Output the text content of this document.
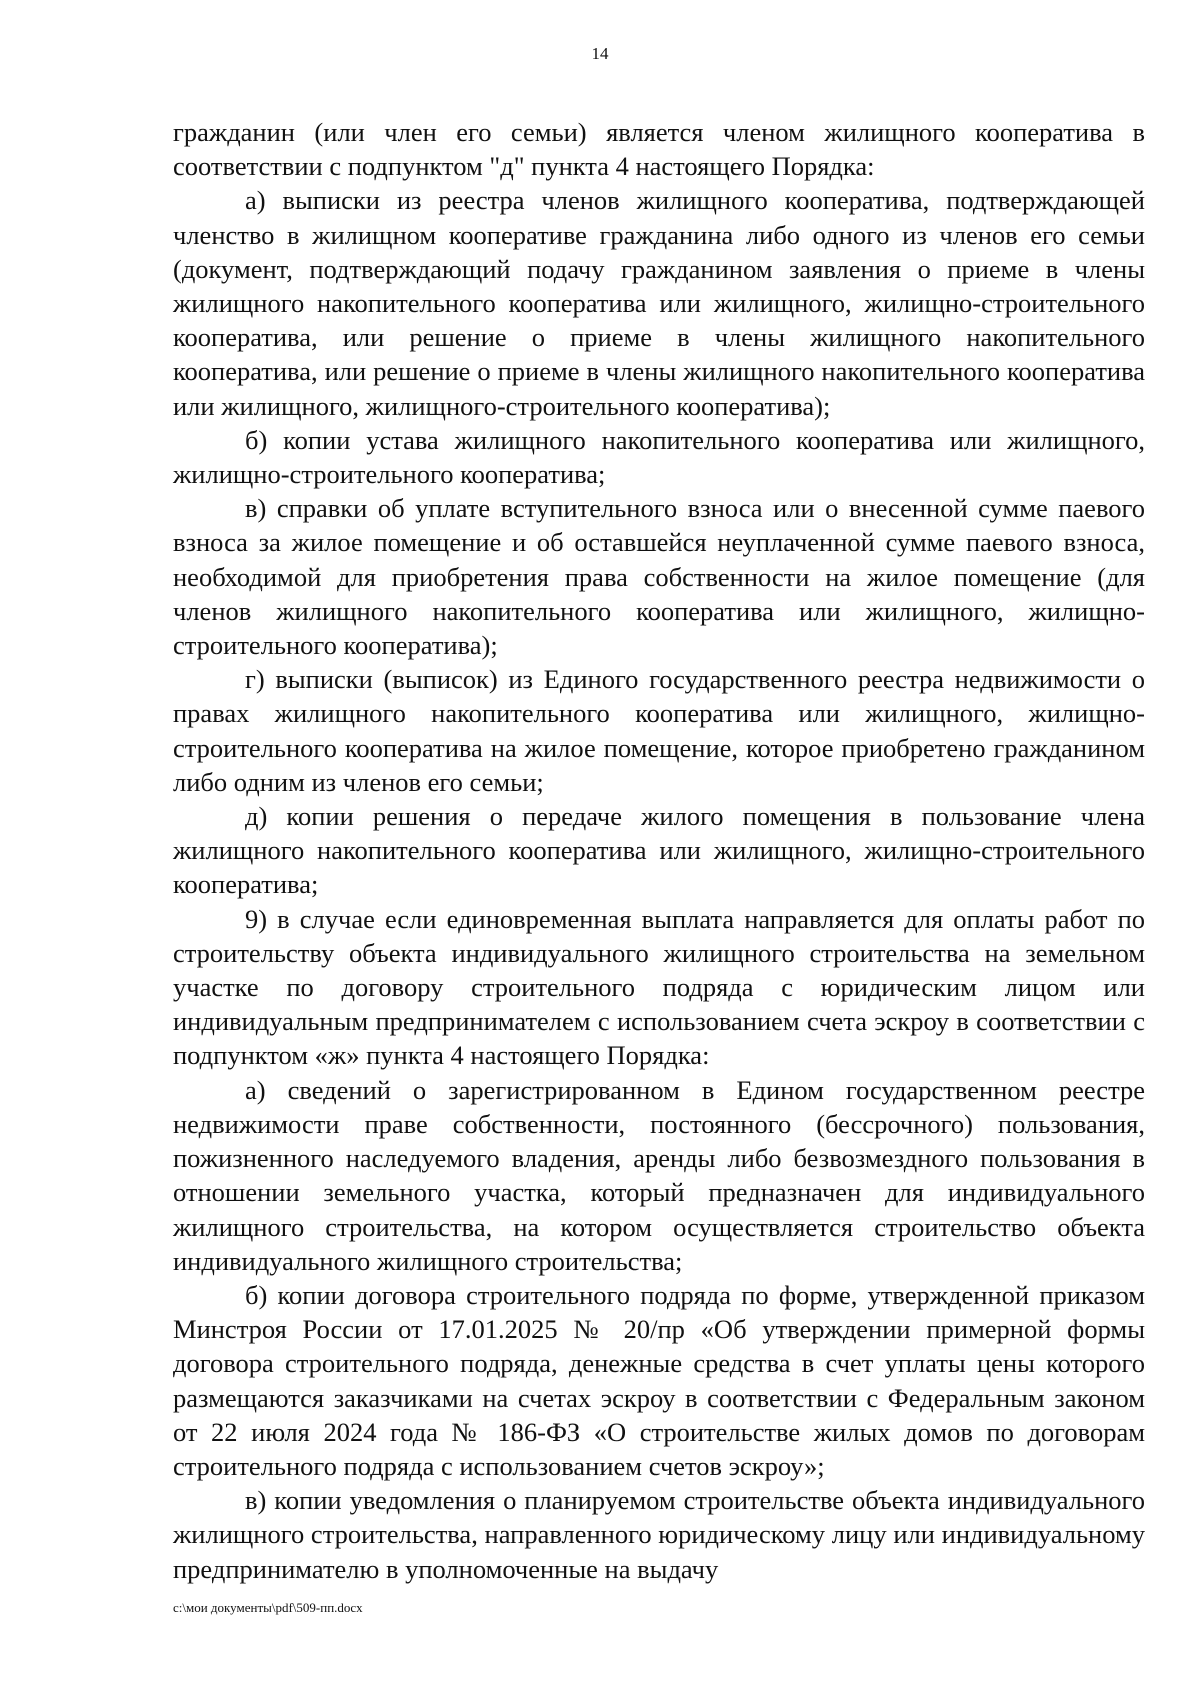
14

гражданин (или член его семьи) является членом жилищного кооператива в соответствии с подпунктом "д" пункта 4 настоящего Порядка:

а) выписки из реестра членов жилищного кооператива, подтверждающей членство в жилищном кооперативе гражданина либо одного из членов его семьи (документ, подтверждающий подачу гражданином заявления о приеме в члены жилищного накопительного кооператива или жилищного, жилищно-строительного кооператива, или решение о приеме в члены жилищного накопительного кооператива, или решение о приеме в члены жилищного накопительного кооператива или жилищного, жилищного-строительного кооператива);

б) копии устава жилищного накопительного кооператива или жилищного, жилищно-строительного кооператива;

в) справки об уплате вступительного взноса или о внесенной сумме паевого взноса за жилое помещение и об оставшейся неуплаченной сумме паевого взноса, необходимой для приобретения права собственности на жилое помещение (для членов жилищного накопительного кооператива или жилищного, жилищно-строительного кооператива);

г) выписки (выписок) из Единого государственного реестра недвижимости о правах жилищного накопительного кооператива или жилищного, жилищно-строительного кооператива на жилое помещение, которое приобретено гражданином либо одним из членов его семьи;

д) копии решения о передаче жилого помещения в пользование члена жилищного накопительного кооператива или жилищного, жилищно-строительного кооператива;

9) в случае если единовременная выплата направляется для оплаты работ по строительству объекта индивидуального жилищного строительства на земельном участке по договору строительного подряда с юридическим лицом или индивидуальным предпринимателем с использованием счета эскроу в соответствии с подпунктом «ж» пункта 4 настоящего Порядка:

а) сведений о зарегистрированном в Едином государственном реестре недвижимости праве собственности, постоянного (бессрочного) пользования, пожизненного наследуемого владения, аренды либо безвозмездного пользования в отношении земельного участка, который предназначен для индивидуального жилищного строительства, на котором осуществляется строительство объекта индивидуального жилищного строительства;

б) копии договора строительного подряда по форме, утвержденной приказом Минстроя России от 17.01.2025 № 20/пр «Об утверждении примерной формы договора строительного подряда, денежные средства в счет уплаты цены которого размещаются заказчиками на счетах эскроу в соответствии с Федеральным законом от 22 июля 2024 года № 186-ФЗ «О строительстве жилых домов по договорам строительного подряда с использованием счетов эскроу»;

в) копии уведомления о планируемом строительстве объекта индивидуального жилищного строительства, направленного юридическому лицу или индивидуальному предпринимателю в уполномоченные на выдачу

c:\мои документы\pdf\509-пп.docx
